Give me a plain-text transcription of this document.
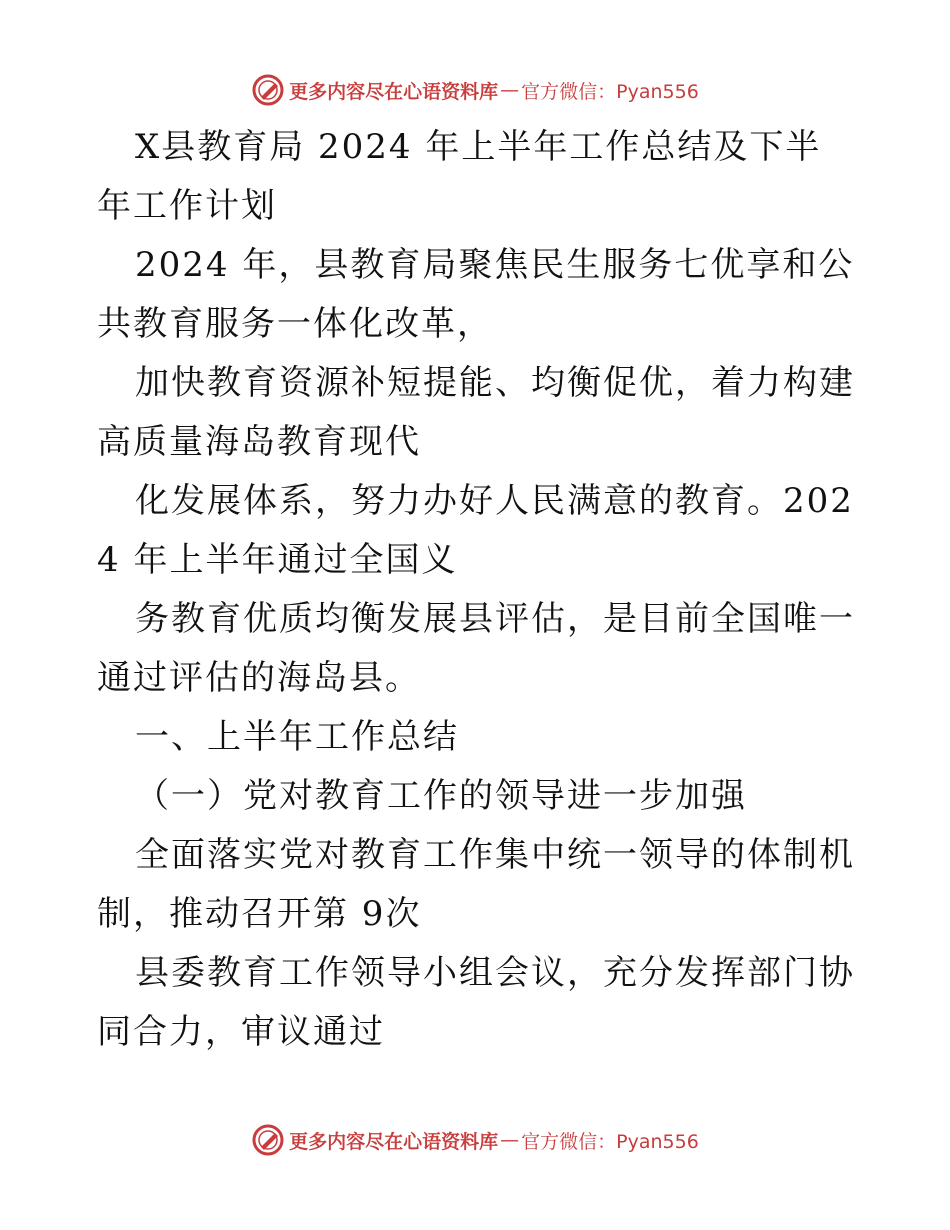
更多内容尽在心语资料库 — 官方微信：Pyan556

X县教育局 2024 年上半年工作总结及下半年工作计划

2024 年，县教育局聚焦民生服务七优享和公共教育服务一体化改革，

加快教育资源补短提能、均衡促优，着力构建高质量海岛教育现代

化发展体系，努力办好人民满意的教育。2024 年上半年通过全国义

务教育优质均衡发展县评估，是目前全国唯一通过评估的海岛县。

一、上半年工作总结

（一）党对教育工作的领导进一步加强

全面落实党对教育工作集中统一领导的体制机制，推动召开第 9次

县委教育工作领导小组会议，充分发挥部门协同合力，审议通过

更多内容尽在心语资料库 — 官方微信：Pyan556
